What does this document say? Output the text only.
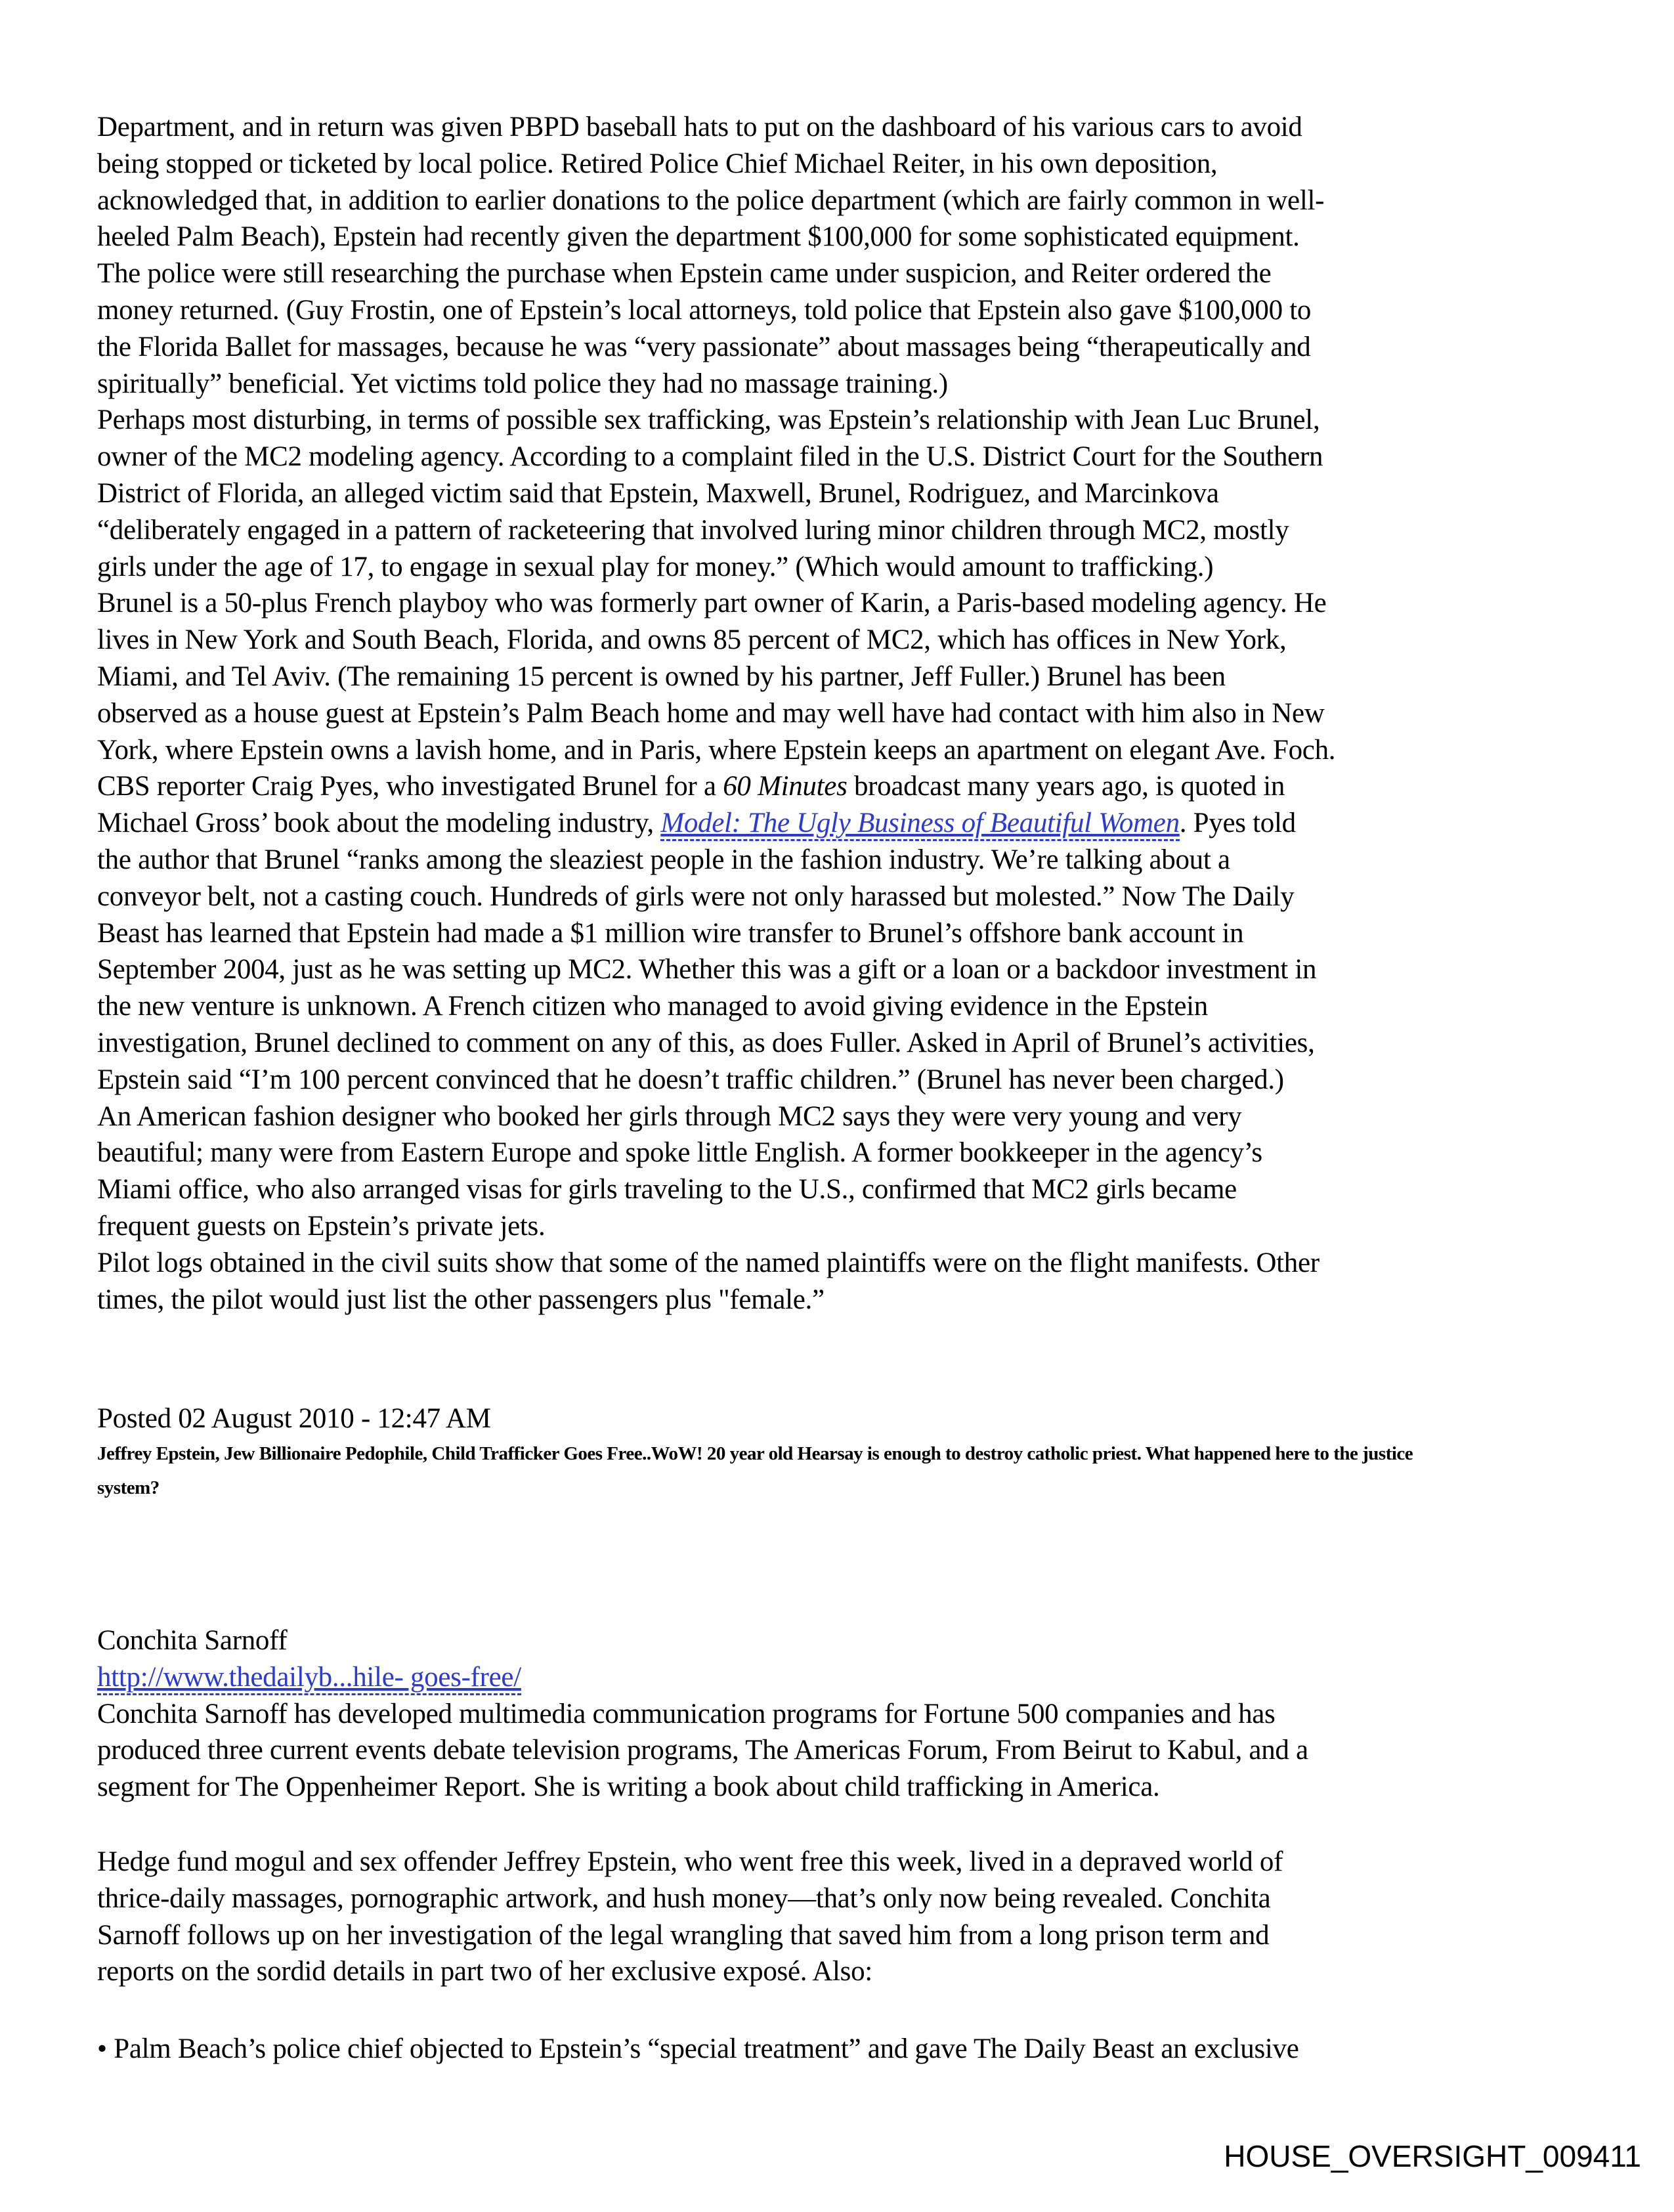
Department, and in return was given PBPD baseball hats to put on the dashboard of his various cars to avoid
being stopped or ticketed by local police. Retired Police Chief Michael Reiter, in his own deposition,
acknowledged that, in addition to earlier donations to the police department (which are fairly common in well-
heeled Palm Beach), Epstein had recently given the department $100,000 for some sophisticated equipment.
The police were still researching the purchase when Epstein came under suspicion, and Reiter ordered the
money returned. (Guy Frostin, one of Epstein’s local attorneys, told police that Epstein also gave $100,000 to
the Florida Ballet for massages, because he was “very passionate” about massages being “therapeutically and
spiritually” beneficial. Yet victims told police they had no massage training.)
Perhaps most disturbing, in terms of possible sex trafficking, was Epstein’s relationship with Jean Luc Brunel,
owner of the MC2 modeling agency. According to a complaint filed in the U.S. District Court for the Southern
District of Florida, an alleged victim said that Epstein, Maxwell, Brunel, Rodriguez, and Marcinkova
“deliberately engaged in a pattern of racketeering that involved luring minor children through MC2, mostly
girls under the age of 17, to engage in sexual play for money.” (Which would amount to trafficking.)
Brunel is a 50-plus French playboy who was formerly part owner of Karin, a Paris-based modeling agency. He
lives in New York and South Beach, Florida, and owns 85 percent of MC2, which has offices in New York,
Miami, and Tel Aviv. (The remaining 15 percent is owned by his partner, Jeff Fuller.) Brunel has been
observed as a house guest at Epstein’s Palm Beach home and may well have had contact with him also in New
York, where Epstein owns a lavish home, and in Paris, where Epstein keeps an apartment on elegant Ave. Foch.
CBS reporter Craig Pyes, who investigated Brunel for a 60 Minutes broadcast many years ago, is quoted in
Michael Gross’ book about the modeling industry, Model: The Ugly Business of Beautiful Women. Pyes told
the author that Brunel “ranks among the sleaziest people in the fashion industry. We’re talking about a
conveyor belt, not a casting couch. Hundreds of girls were not only harassed but molested.” Now The Daily
Beast has learned that Epstein had made a $1 million wire transfer to Brunel’s offshore bank account in
September 2004, just as he was setting up MC2. Whether this was a gift or a loan or a backdoor investment in
the new venture is unknown. A French citizen who managed to avoid giving evidence in the Epstein
investigation, Brunel declined to comment on any of this, as does Fuller. Asked in April of Brunel’s activities,
Epstein said “I’m 100 percent convinced that he doesn’t traffic children.” (Brunel has never been charged.)
An American fashion designer who booked her girls through MC2 says they were very young and very
beautiful; many were from Eastern Europe and spoke little English. A former bookkeeper in the agency’s
Miami office, who also arranged visas for girls traveling to the U.S., confirmed that MC2 girls became
frequent guests on Epstein’s private jets.
Pilot logs obtained in the civil suits show that some of the named plaintiffs were on the flight manifests. Other
times, the pilot would just list the other passengers plus "female.”
Posted 02 August 2010 - 12:47 AM
Jeffrey Epstein, Jew Billionaire Pedophile, Child Trafficker Goes Free..WoW! 20 year old Hearsay is enough to destroy catholic priest. What happened here to the justice
system?
Conchita Sarnoff
http://www.thedailyb...hile- goes-free/
Conchita Sarnoff has developed multimedia communication programs for Fortune 500 companies and has
produced three current events debate television programs, The Americas Forum, From Beirut to Kabul, and a
segment for The Oppenheimer Report. She is writing a book about child trafficking in America.
Hedge fund mogul and sex offender Jeffrey Epstein, who went free this week, lived in a depraved world of
thrice-daily massages, pornographic artwork, and hush money—that’s only now being revealed. Conchita
Sarnoff follows up on her investigation of the legal wrangling that saved him from a long prison term and
reports on the sordid details in part two of her exclusive exposé. Also:
• Palm Beach’s police chief objected to Epstein’s “special treatment” and gave The Daily Beast an exclusive
HOUSE_OVERSIGHT_009411
